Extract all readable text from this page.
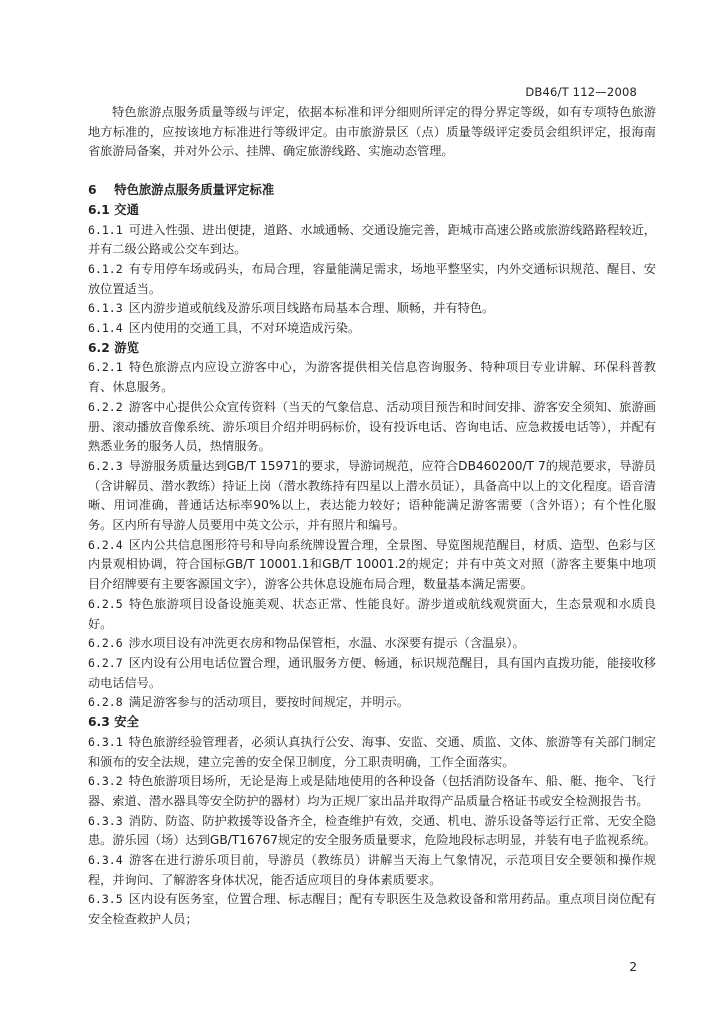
DB46/T 112—2008

特色旅游点服务质量等级与评定，依据本标准和评分细则所评定的得分界定等级，如有专项特色旅游地方标准的，应按该地方标准进行等级评定。由市旅游景区（点）质量等级评定委员会组织评定，报海南省旅游局备案，并对外公示、挂牌、确定旅游线路、实施动态管理。

6 特色旅游点服务质量评定标准

6.1 交通

6.1.1 可进入性强、进出便捷，道路、水域通畅、交通设施完善，距城市高速公路或旅游线路路程较近，并有二级公路或公交车到达。

6.1.2 有专用停车场或码头，布局合理，容量能满足需求，场地平整坚实，内外交通标识规范、醒目、安放位置适当。

6.1.3 区内游步道或航线及游乐项目线路布局基本合理、顺畅，并有特色。

6.1.4 区内使用的交通工具，不对环境造成污染。

6.2 游览

6.2.1 特色旅游点内应设立游客中心，为游客提供相关信息咨询服务、特种项目专业讲解、环保科普教育、休息服务。

6.2.2 游客中心提供公众宣传资料（当天的气象信息、活动项目预告和时间安排、游客安全须知、旅游画册、滚动播放音像系统、游乐项目介绍并明码标价，设有投诉电话、咨询电话、应急救援电话等），并配有熟悉业务的服务人员，热情服务。

6.2.3 导游服务质量达到GB/T 15971的要求，导游词规范，应符合DB460200/T 7的规范要求，导游员（含讲解员、潜水教练）持证上岗（潜水教练持有四星以上潜水员证），具备高中以上的文化程度。语音清晰、用词准确，普通话达标率90%以上，表达能力较好；语种能满足游客需要（含外语）；有个性化服务。区内所有导游人员要用中英文公示，并有照片和编号。

6.2.4 区内公共信息图形符号和导向系统牌设置合理，全景图、导览图规范醒目，材质、造型、色彩与区内景观相协调，符合国标GB/T 10001.1和GB/T 10001.2的规定；并有中英文对照（游客主要集中地项目介绍牌要有主要客源国文字），游客公共休息设施布局合理，数量基本满足需要。

6.2.5 特色旅游项目设备设施美观、状态正常、性能良好。游步道或航线观赏面大，生态景观和水质良好。

6.2.6 涉水项目设有冲洗更衣房和物品保管柜，水温、水深要有提示（含温泉）。

6.2.7 区内设有公用电话位置合理，通讯服务方便、畅通，标识规范醒目，具有国内直拨功能，能接收移动电话信号。

6.2.8 满足游客参与的活动项目，要按时间规定，并明示。

6.3 安全

6.3.1 特色旅游经验管理者，必须认真执行公安、海事、安监、交通、质监、文体、旅游等有关部门制定和颁布的安全法规，建立完善的安全保卫制度，分工职责明确，工作全面落实。

6.3.2 特色旅游项目场所，无论是海上或是陆地使用的各种设备（包括消防设备车、船、艇、拖伞、飞行器、索道、潜水器具等安全防护的器材）均为正规厂家出品并取得产品质量合格证书或安全检测报告书。

6.3.3 消防、防盗、防护救援等设备齐全，检查维护有效，交通、机电、游乐设备等运行正常、无安全隐患。游乐园（场）达到GB/T16767规定的安全服务质量要求，危险地段标志明显，并装有电子监视系统。

6.3.4 游客在进行游乐项目前，导游员（教练员）讲解当天海上气象情况，示范项目安全要领和操作规程，并询问、了解游客身体状况，能否适应项目的身体素质要求。

6.3.5 区内设有医务室，位置合理、标志醒目；配有专职医生及急救设备和常用药品。重点项目岗位配有安全检查救护人员；

2
